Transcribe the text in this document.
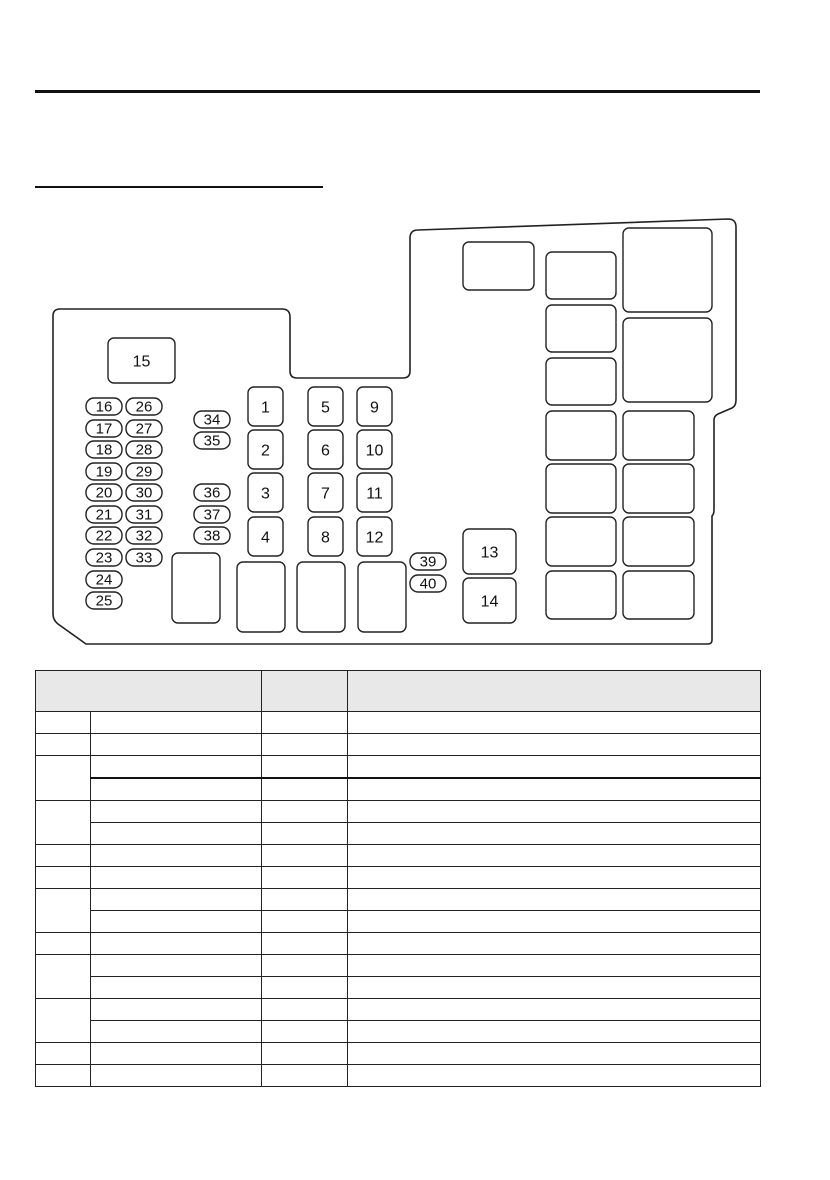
1
2
3
4
5
6
7
8
9
10
11
12
13
14
15
16
17
18
19
20
21
22
23
24
25
26
27
28
29
30
31
32
33
34
35
36
37
38
39
40
